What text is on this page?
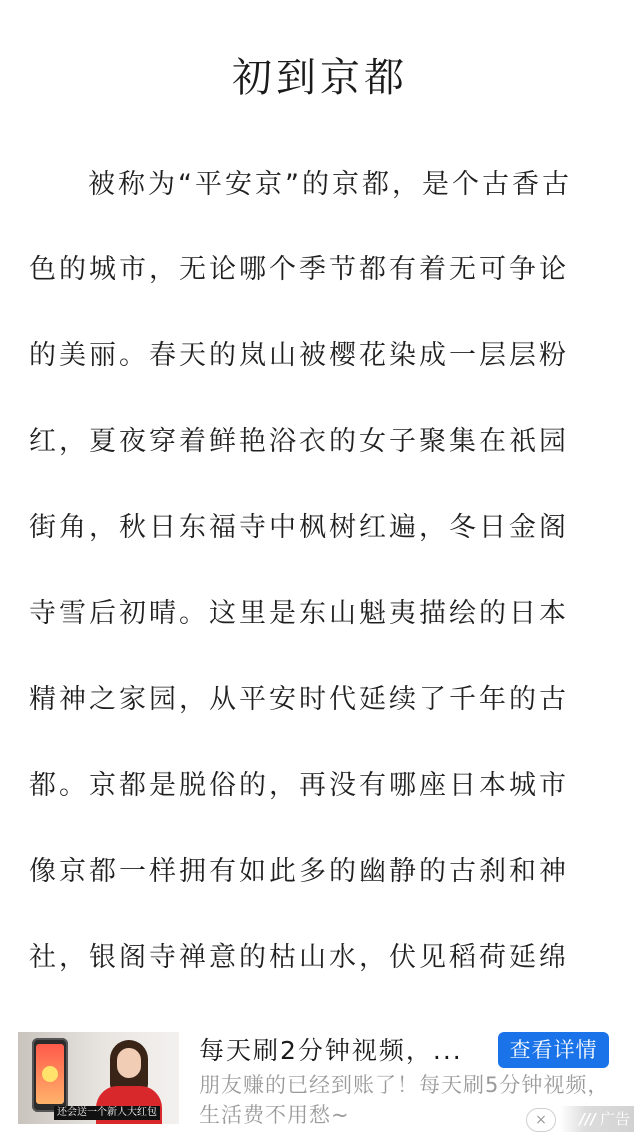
初到京都
被称为“平安京”的京都，是个古香古
色的城市，无论哪个季节都有着无可争论
的美丽。春天的岚山被樱花染成一层层粉
红，夏夜穿着鲜艳浴衣的女子聚集在祇园
街角，秋日东福寺中枫树红遍，冬日金阁
寺雪后初晴。这里是东山魁夷描绘的日本
精神之家园，从平安时代延续了千年的古
都。京都是脱俗的，再没有哪座日本城市
像京都一样拥有如此多的幽静的古刹和神
社，银阁寺禅意的枯山水，伏见稻荷延绵
还会送一个新人大红包
每天刷2分钟视频，...	查看详情
朋友赚的已经到账了！每天刷5分钟视频，生活费不用愁~	×	/// 广告
